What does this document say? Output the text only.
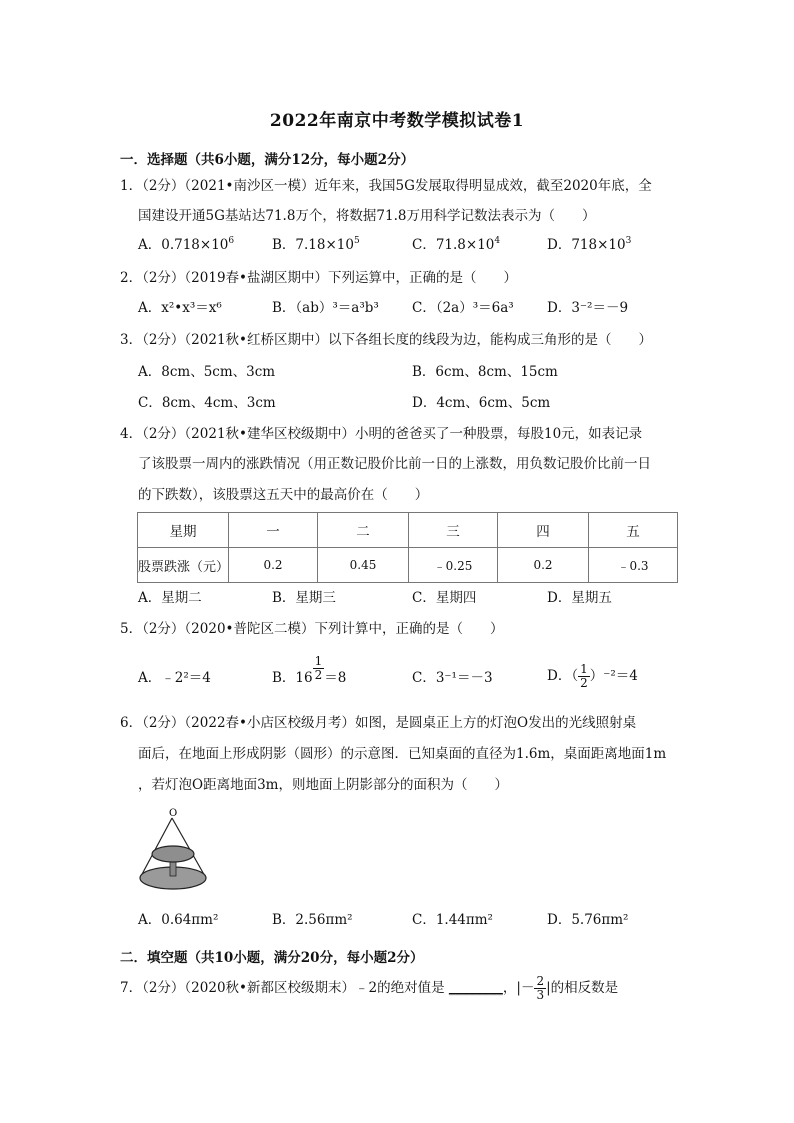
2022年南京中考数学模拟试卷1
一．选择题（共6小题，满分12分，每小题2分）
1．（2分）（2021•南沙区一模）近年来，我国5G发展取得明显成效，截至2020年底，全
国建设开通5G基站达71.8万个，将数据71.8万用科学记数法表示为（　　）
A．$0.718\times 10^6$	B．$7.18\times 10^5$	C．$71.8\times 10^4$	D．$718\times 10^3$
2．（2分）（2019春•盐湖区期中）下列运算中，正确的是（　　）
A．x²•x³＝x⁶	B．（ab）³＝a³b³ C．（2a）³＝6a³ D．3⁻²＝－9
3．（2分）（2021秋•红桥区期中）以下各组长度的线段为边，能构成三角形的是（　　）
A．8cm、5cm、3cm	B．6cm、8cm、15cm
C．8cm、4cm、3cm	D．4cm、6cm、5cm
4．（2分）（2021秋•建华区校级期中）小明的爸爸买了一种股票，每股10元，如表记录
了该股票一周内的涨跌情况（用正数记股价比前一日的上涨数，用负数记股价比前一日
的下跌数），该股票这五天中的最高价在（　　）
星期	一	二	三	四	五
股票跌涨（元）	0.2	0.45	﹣0.25	0.2	﹣0.3
A．星期二	B．星期三	C．星期四	D．星期五
5．（2分）（2020•普陀区二模）下列计算中，正确的是（　　）
A．﹣2²＝4	B．$16 \frac{1}{2} =8$	C．3⁻¹＝－3	D．（ $\frac{1}{2} )^{-2}=4$
6．（2分）（2022春•小店区校级月考）如图，是圆桌正上方的灯泡O发出的光线照射桌
面后，在地面上形成阴影（圆形）的示意图．已知桌面的直径为1.6m，桌面距离地面1m
，若灯泡O距离地面3m，则地面上阴影部分的面积为（　　）
O
A．0.64πm²	B．2.56πm²	C．1.44πm²	D．5.76πm²
二．填空题（共10小题，满分20分，每小题2分）
7．（2分）（2020秋•新都区校级期末）﹣2的绝对值是 ________，|－ $\frac{2}{3}$ |的相反数是
